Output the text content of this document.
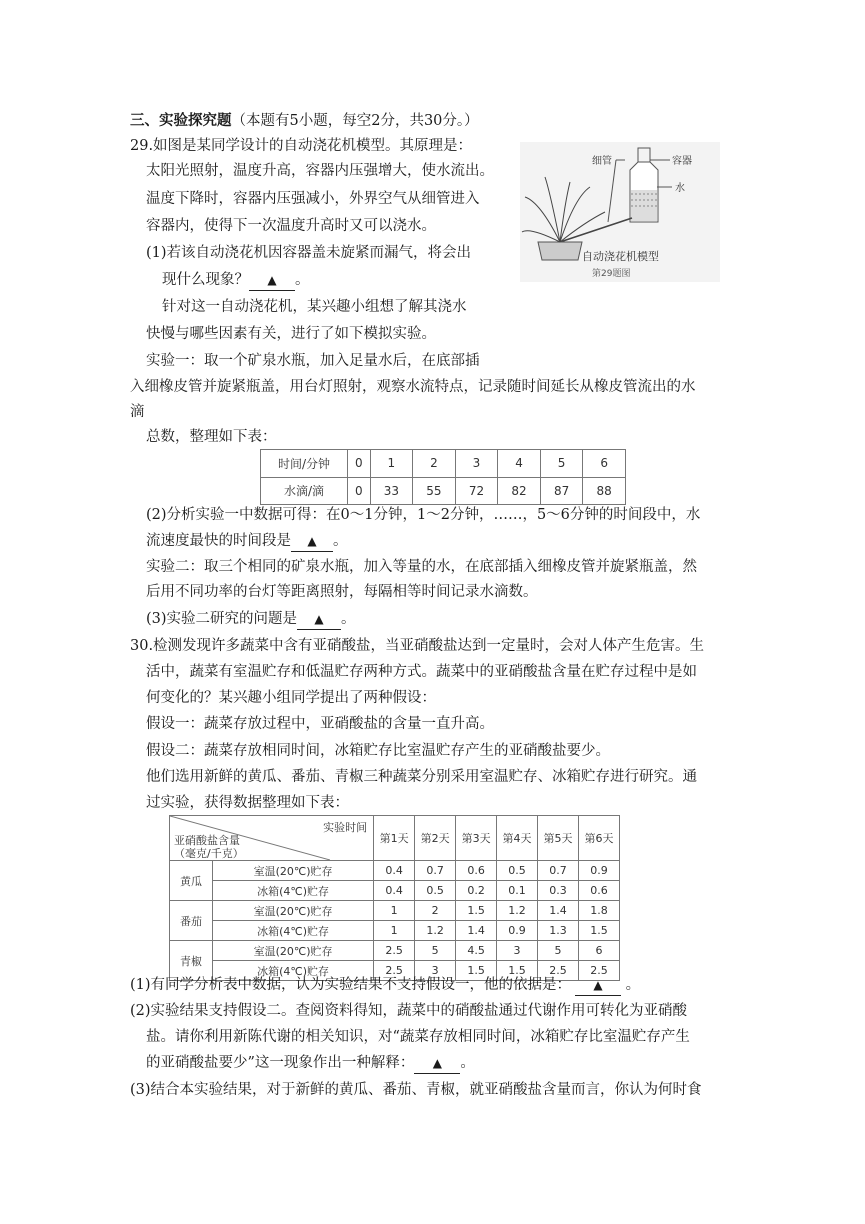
三、实验探究题（本题有5小题，每空2分，共30分。）
29.如图是某同学设计的自动浇花机模型。其原理是：
太阳光照射，温度升高，容器内压强增大，使水流出。
温度下降时，容器内压强减小，外界空气从细管进入
容器内，使得下一次温度升高时又可以浇水。
(1)若该自动浇花机因容器盖未旋紧而漏气，将会出
现什么现象？ ▲ 。
针对这一自动浇花机，某兴趣小组想了解其浇水
快慢与哪些因素有关，进行了如下模拟实验。
实验一：取一个矿泉水瓶，加入足量水后，在底部插
入细橡皮管并旋紧瓶盖，用台灯照射，观察水流特点，记录随时间延长从橡皮管流出的水
滴
总数，整理如下表：
容器
水
细管
自动浇花机模型
第29题图
时间/分钟	0	1	2	3	4	5	6
水滴/滴	0	33	55	72	82	87	88
(2)分析实验一中数据可得：在0～1分钟，1～2分钟，……，5～6分钟的时间段中，水
流速度最快的时间段是 ▲ 。
实验二：取三个相同的矿泉水瓶，加入等量的水，在底部插入细橡皮管并旋紧瓶盖，然
后用不同功率的台灯等距离照射，每隔相等时间记录水滴数。
(3)实验二研究的问题是 ▲ 。
30.检测发现许多蔬菜中含有亚硝酸盐，当亚硝酸盐达到一定量时，会对人体产生危害。生
活中，蔬菜有室温贮存和低温贮存两种方式。蔬菜中的亚硝酸盐含量在贮存过程中是如
何变化的？某兴趣小组同学提出了两种假设：
假设一：蔬菜存放过程中，亚硝酸盐的含量一直升高。
假设二：蔬菜存放相同时间，冰箱贮存比室温贮存产生的亚硝酸盐要少。
他们选用新鲜的黄瓜、番茄、青椒三种蔬菜分别采用室温贮存、冰箱贮存进行研究。通
过实验，获得数据整理如下表：
实验时间
亚硝酸盐含量
（毫克/千克）		第1天	第2天	第3天	第4天	第5天	第6天
黄瓜	室温(20℃)贮存	0.4	0.7	0.6	0.5	0.7	0.9
	冰箱(4℃)贮存	0.4	0.5	0.2	0.1	0.3	0.6
番茄	室温(20℃)贮存	1	2	1.5	1.2	1.4	1.8
	冰箱(4℃)贮存	1	1.2	1.4	0.9	1.3	1.5
青椒	室温(20℃)贮存	2.5	5	4.5	3	5	6
	冰箱(4℃)贮存	2.5	3	1.5	1.5	2.5	2.5
(1)有同学分析表中数据，认为实验结果不支持假设一，他的依据是： ▲ 。
(2)实验结果支持假设二。查阅资料得知，蔬菜中的硝酸盐通过代谢作用可转化为亚硝酸
盐。请你利用新陈代谢的相关知识，对“蔬菜存放相同时间，冰箱贮存比室温贮存产生
的亚硝酸盐要少”这一现象作出一种解释： ▲ 。
(3)结合本实验结果，对于新鲜的黄瓜、番茄、青椒，就亚硝酸盐含量而言，你认为何时食
